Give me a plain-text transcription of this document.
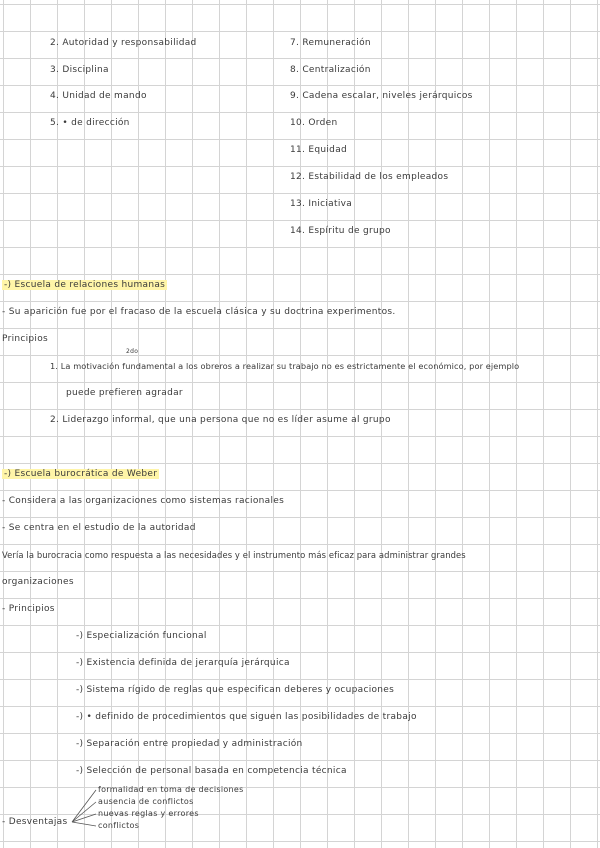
2. Autoridad y responsabilidad
3. Disciplina
4. Unidad de mando
5. • de dirección
7. Remuneración
8. Centralización
9. Cadena escalar, niveles jerárquicos
10. Orden
11. Equidad
12. Estabilidad de los empleados
13. Iniciativa
14. Espíritu de grupo
-) Escuela de relaciones humanas
- Su aparición fue por el fracaso de la escuela clásica y su doctrina experimentos.
Principios
2do
1. La motivación fundamental a los obreros a realizar su trabajo no es estrictamente el económico, por ejemplo
puede prefieren agradar
2. Liderazgo informal, que una persona que no es líder asume al grupo
-) Escuela burocrática de Weber
- Considera a las organizaciones como sistemas racionales
- Se centra en el estudio de la autoridad
Vería la burocracia como respuesta a las necesidades y el instrumento más eficaz para administrar grandes
organizaciones
- Principios
-) Especialización funcional
-) Existencia definida de jerarquía jerárquica
-) Sistema rígido de reglas que especifican deberes y ocupaciones
-) • definido de procedimientos que siguen las posibilidades de trabajo
-) Separación entre propiedad y administración
-) Selección de personal basada en competencia técnica
- Desventajas
formalidad en toma de decisiones
ausencia de conflictos
nuevas reglas y errores
conflictos
